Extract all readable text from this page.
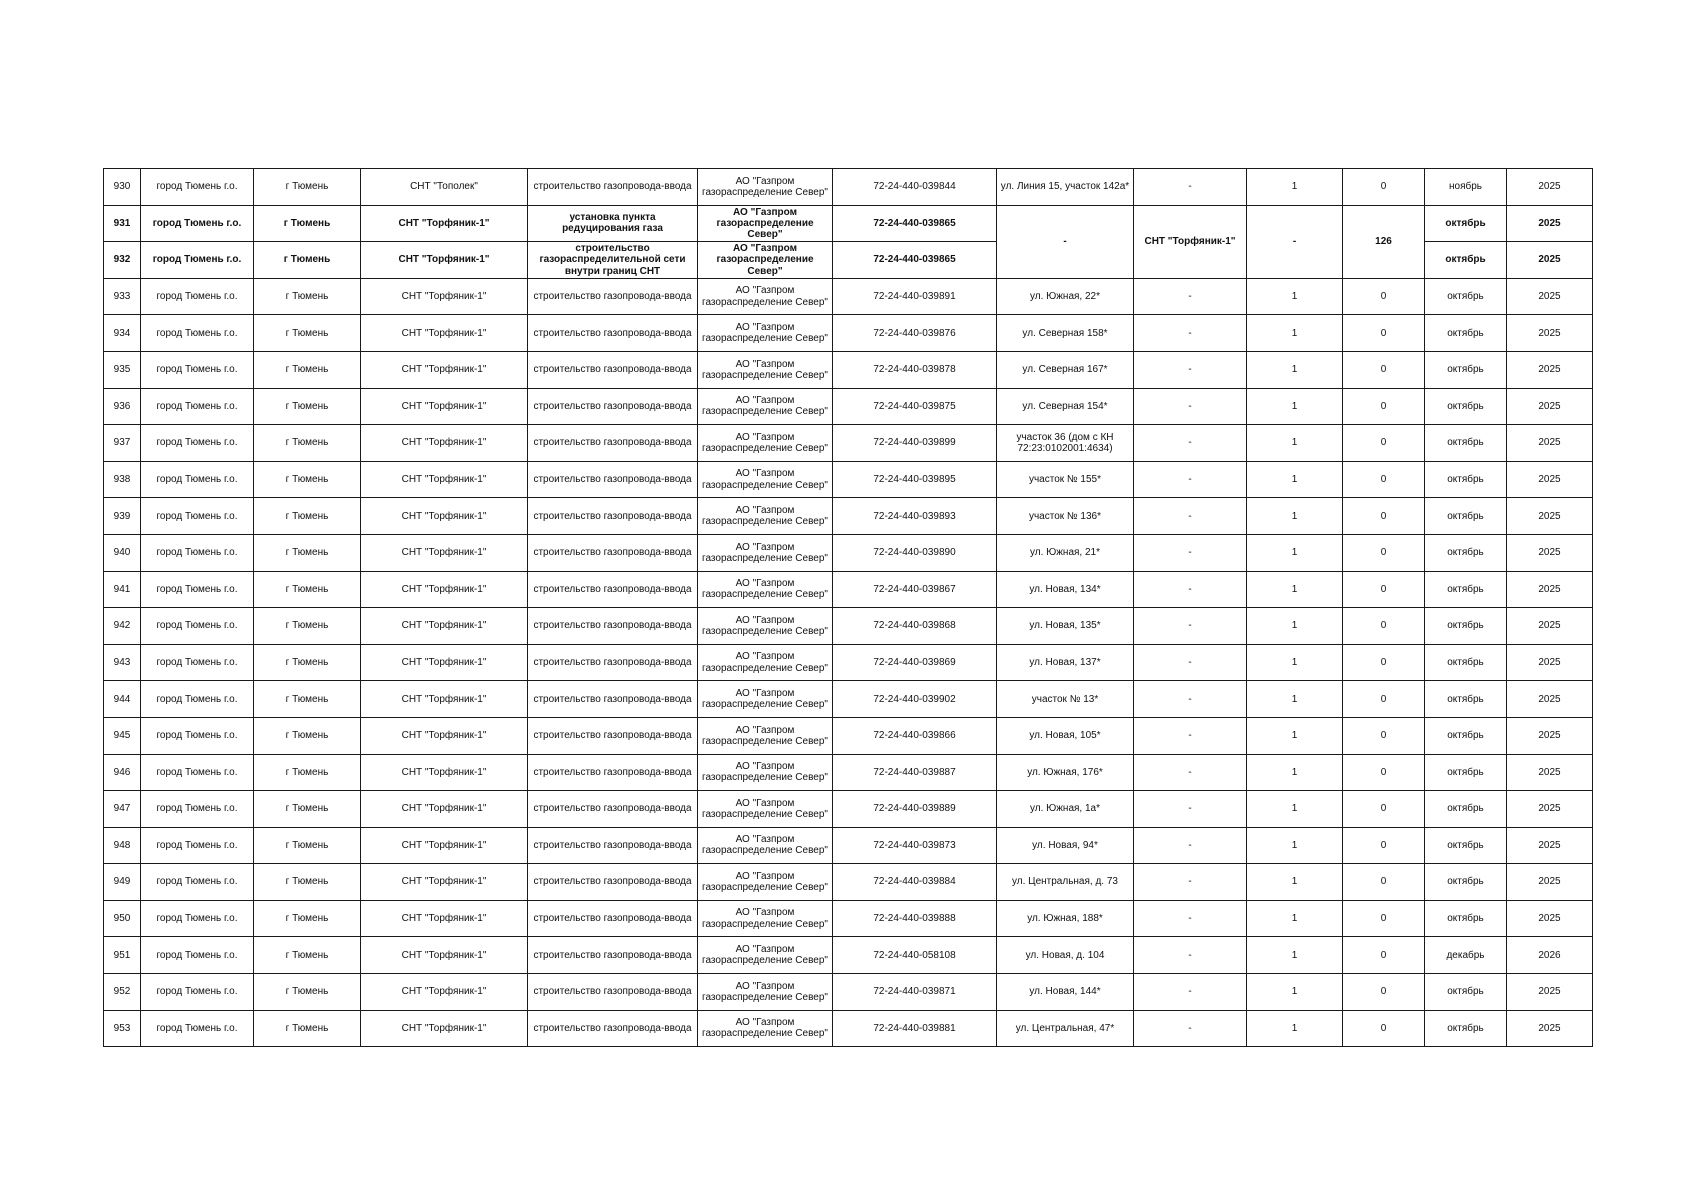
930	город Тюмень г.о.	г Тюмень	СНТ "Тополек"	строительство газопровода-ввода	АО "Газпром газораспределение Север"	72-24-440-039844	ул. Линия 15, участок 142а*	-	1	0	ноябрь	2025
931	город Тюмень г.о.	г Тюмень	СНТ "Торфяник-1"	установка пункта редуцирования газа	АО "Газпром газораспределение Север"	72-24-440-039865	-	СНТ "Торфяник-1"	-	126	октябрь	2025
932	город Тюмень г.о.	г Тюмень	СНТ "Торфяник-1"	строительство газораспределительной сети внутри границ СНТ	АО "Газпром газораспределение Север"	72-24-440-039865					октябрь	2025
933	город Тюмень г.о.	г Тюмень	СНТ "Торфяник-1"	строительство газопровода-ввода	АО "Газпром газораспределение Север"	72-24-440-039891	ул. Южная, 22*	-	1	0	октябрь	2025
934	город Тюмень г.о.	г Тюмень	СНТ "Торфяник-1"	строительство газопровода-ввода	АО "Газпром газораспределение Север"	72-24-440-039876	ул. Северная 158*	-	1	0	октябрь	2025
935	город Тюмень г.о.	г Тюмень	СНТ "Торфяник-1"	строительство газопровода-ввода	АО "Газпром газораспределение Север"	72-24-440-039878	ул. Северная 167*	-	1	0	октябрь	2025
936	город Тюмень г.о.	г Тюмень	СНТ "Торфяник-1"	строительство газопровода-ввода	АО "Газпром газораспределение Север"	72-24-440-039875	ул. Северная 154*	-	1	0	октябрь	2025
937	город Тюмень г.о.	г Тюмень	СНТ "Торфяник-1"	строительство газопровода-ввода	АО "Газпром газораспределение Север"	72-24-440-039899	участок 36 (дом с КН 72:23:0102001:4634)	-	1	0	октябрь	2025
938	город Тюмень г.о.	г Тюмень	СНТ "Торфяник-1"	строительство газопровода-ввода	АО "Газпром газораспределение Север"	72-24-440-039895	участок № 155*	-	1	0	октябрь	2025
939	город Тюмень г.о.	г Тюмень	СНТ "Торфяник-1"	строительство газопровода-ввода	АО "Газпром газораспределение Север"	72-24-440-039893	участок № 136*	-	1	0	октябрь	2025
940	город Тюмень г.о.	г Тюмень	СНТ "Торфяник-1"	строительство газопровода-ввода	АО "Газпром газораспределение Север"	72-24-440-039890	ул. Южная, 21*	-	1	0	октябрь	2025
941	город Тюмень г.о.	г Тюмень	СНТ "Торфяник-1"	строительство газопровода-ввода	АО "Газпром газораспределение Север"	72-24-440-039867	ул. Новая, 134*	-	1	0	октябрь	2025
942	город Тюмень г.о.	г Тюмень	СНТ "Торфяник-1"	строительство газопровода-ввода	АО "Газпром газораспределение Север"	72-24-440-039868	ул. Новая, 135*	-	1	0	октябрь	2025
943	город Тюмень г.о.	г Тюмень	СНТ "Торфяник-1"	строительство газопровода-ввода	АО "Газпром газораспределение Север"	72-24-440-039869	ул. Новая, 137*	-	1	0	октябрь	2025
944	город Тюмень г.о.	г Тюмень	СНТ "Торфяник-1"	строительство газопровода-ввода	АО "Газпром газораспределение Север"	72-24-440-039902	участок № 13*	-	1	0	октябрь	2025
945	город Тюмень г.о.	г Тюмень	СНТ "Торфяник-1"	строительство газопровода-ввода	АО "Газпром газораспределение Север"	72-24-440-039866	ул. Новая, 105*	-	1	0	октябрь	2025
946	город Тюмень г.о.	г Тюмень	СНТ "Торфяник-1"	строительство газопровода-ввода	АО "Газпром газораспределение Север"	72-24-440-039887	ул. Южная, 176*	-	1	0	октябрь	2025
947	город Тюмень г.о.	г Тюмень	СНТ "Торфяник-1"	строительство газопровода-ввода	АО "Газпром газораспределение Север"	72-24-440-039889	ул. Южная, 1а*	-	1	0	октябрь	2025
948	город Тюмень г.о.	г Тюмень	СНТ "Торфяник-1"	строительство газопровода-ввода	АО "Газпром газораспределение Север"	72-24-440-039873	ул. Новая, 94*	-	1	0	октябрь	2025
949	город Тюмень г.о.	г Тюмень	СНТ "Торфяник-1"	строительство газопровода-ввода	АО "Газпром газораспределение Север"	72-24-440-039884	ул. Центральная, д. 73	-	1	0	октябрь	2025
950	город Тюмень г.о.	г Тюмень	СНТ "Торфяник-1"	строительство газопровода-ввода	АО "Газпром газораспределение Север"	72-24-440-039888	ул. Южная, 188*	-	1	0	октябрь	2025
951	город Тюмень г.о.	г Тюмень	СНТ "Торфяник-1"	строительство газопровода-ввода	АО "Газпром газораспределение Север"	72-24-440-058108	ул. Новая, д. 104	-	1	0	декабрь	2026
952	город Тюмень г.о.	г Тюмень	СНТ "Торфяник-1"	строительство газопровода-ввода	АО "Газпром газораспределение Север"	72-24-440-039871	ул. Новая, 144*	-	1	0	октябрь	2025
953	город Тюмень г.о.	г Тюмень	СНТ "Торфяник-1"	строительство газопровода-ввода	АО "Газпром газораспределение Север"	72-24-440-039881	ул. Центральная, 47*	-	1	0	октябрь	2025
